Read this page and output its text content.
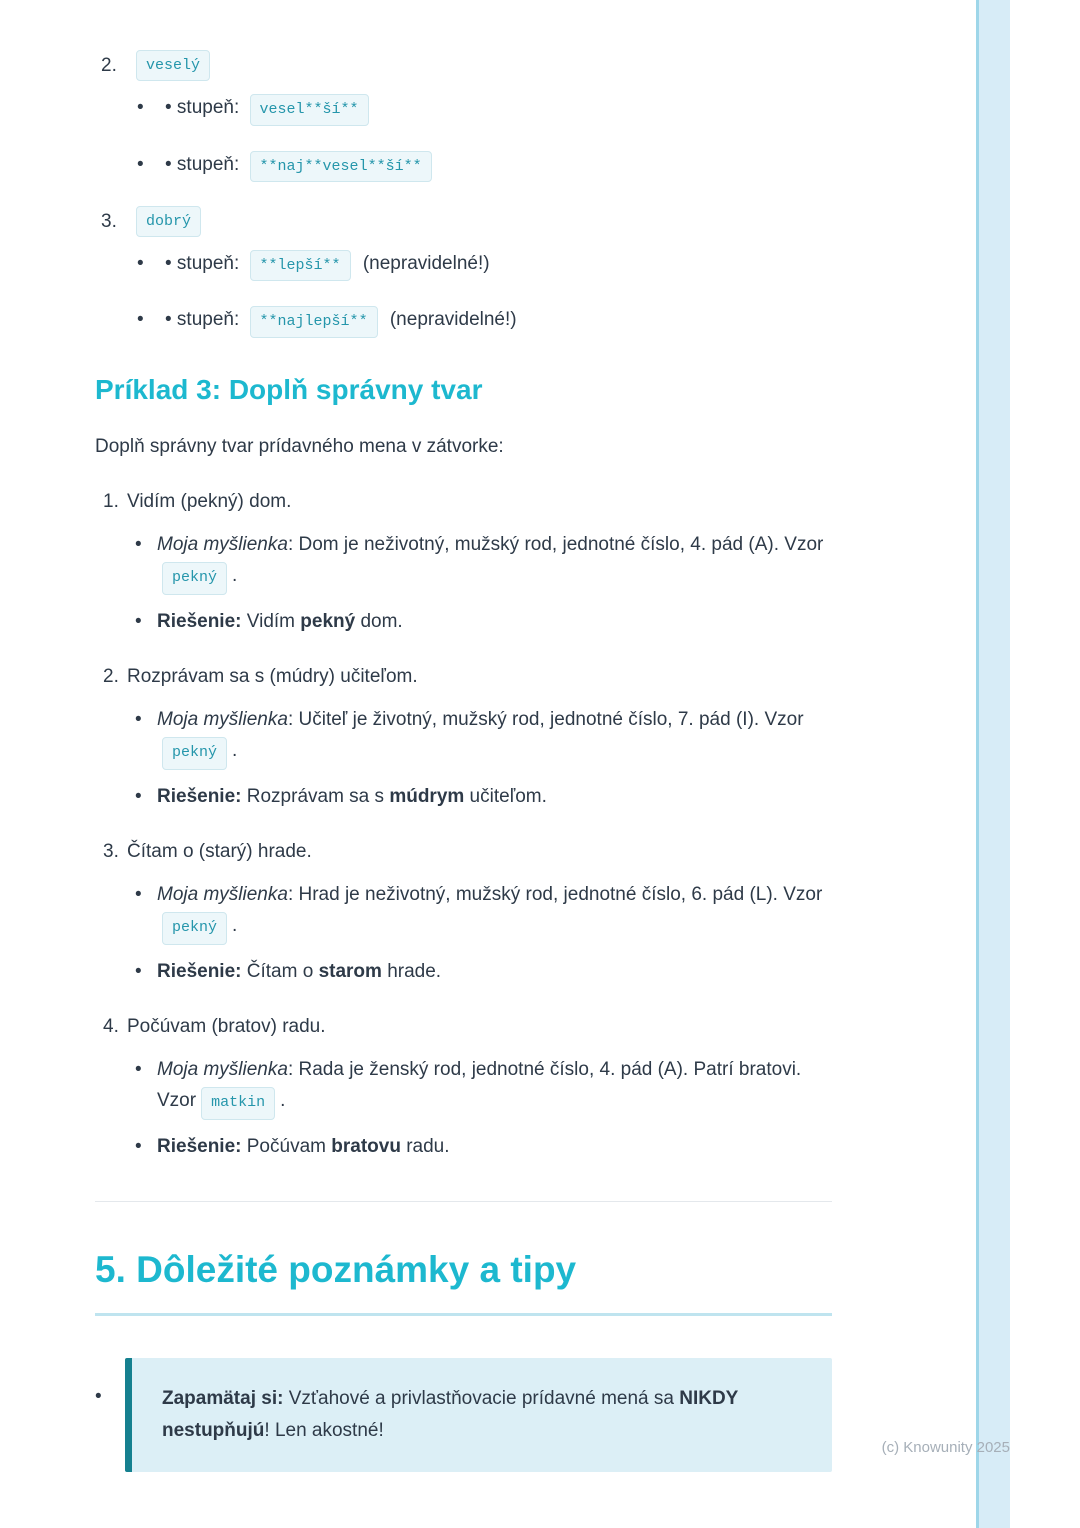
2.	veselý
•
• stupeň: vesel**ší**
•
• stupeň: **naj**vesel**ší**
3.	dobrý
•
• stupeň: **lepší** (nepravidelné!)
•
• stupeň: **najlepší** (nepravidelné!)
Príklad 3: Doplň správny tvar

Doplň správny tvar prídavného mena v zátvorke:

1. Vidím (pekný) dom.
•
Moja myšlienka: Dom je neživotný, mužský rod, jednotné číslo, 4. pád (A). Vzorpekný .
•
Riešenie: Vidím pekný dom.
2. Rozprávam sa s (múdry) učiteľom.
•
Moja myšlienka: Učiteľ je životný, mužský rod, jednotné číslo, 7. pád (I). Vzorpekný .
•
Riešenie: Rozprávam sa s múdrym učiteľom.
3. Čítam o (starý) hrade.
•
Moja myšlienka: Hrad je neživotný, mužský rod, jednotné číslo, 6. pád (L). Vzorpekný .
•
Riešenie: Čítam o starom hrade.
4. Počúvam (bratov) radu.
•
Moja myšlienka: Rada je ženský rod, jednotné číslo, 4. pád (A). Patrí bratovi. Vzor matkin .
•
Riešenie: Počúvam bratovu radu.
5. Dôležité poznámky a tipy
•
Zapamätaj si: Vzťahové a privlastňovacie prídavné mená sa NIKDY nestupňujú! Len akostné!
(c) Knowunity 2025
